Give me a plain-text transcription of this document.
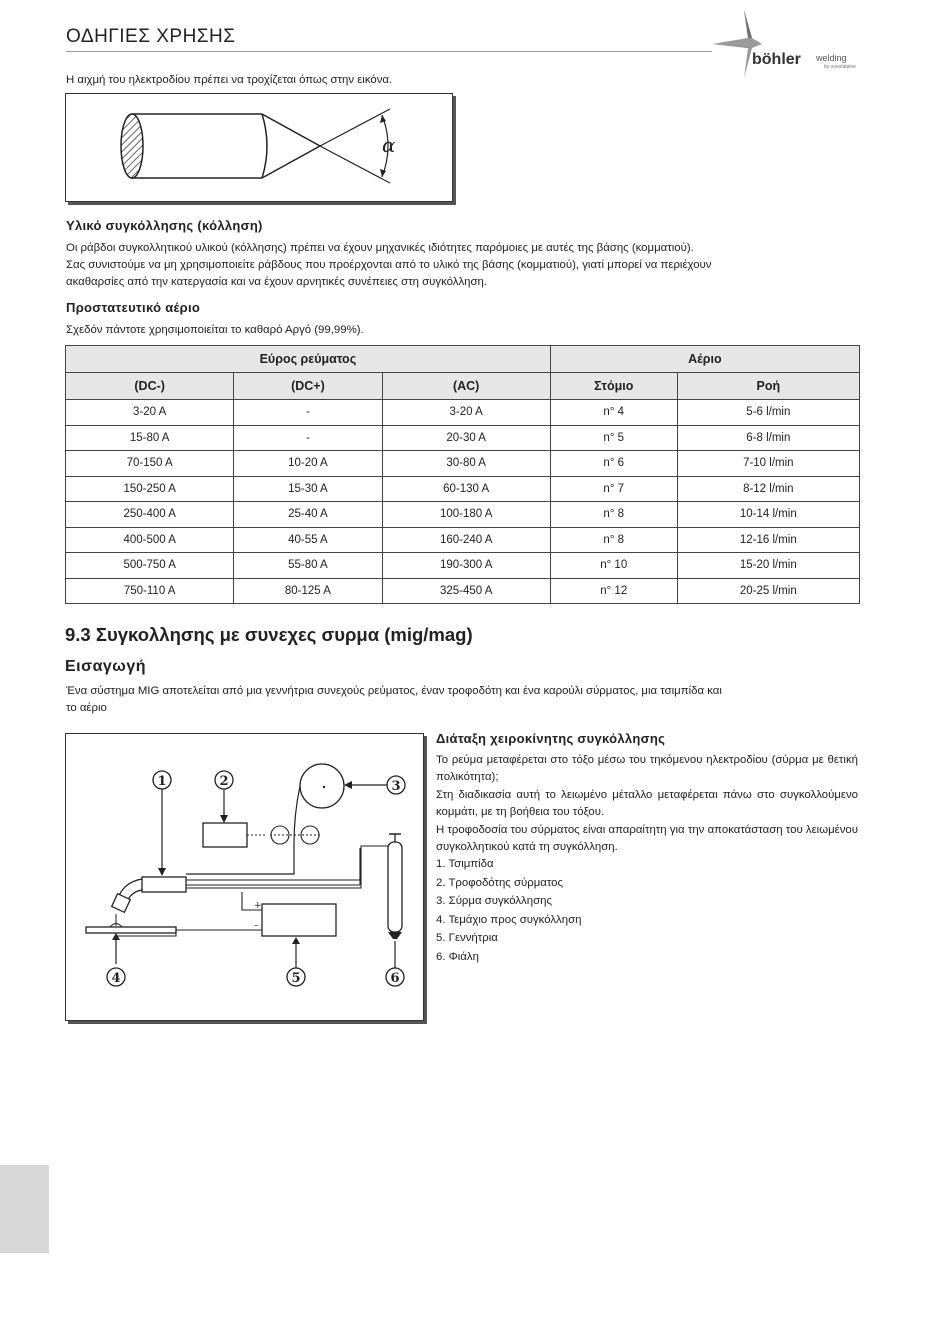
ΟΔΗΓΙΕΣ ΧΡΗΣΗΣ
böhler welding
by voestalpine
Η αιχμή του ηλεκτροδίου πρέπει να τροχίζεται όπως στην εικόνα.
α
Υλικό συγκόλλησης (κόλληση)
Οι ράβδοι συγκολλητικού υλικού (κόλλησης) πρέπει να έχουν μηχανικές ιδιότητες παρόμοιες με αυτές της βάσης (κομματιού).
Σας συνιστούμε να μη χρησιμοποιείτε ράβδους που προέρχονται από το υλικό της βάσης (κομματιού), γιατί μπορεί να περιέχουν
ακαθαρσίες από την κατεργασία και να έχουν αρνητικές συνέπειες στη συγκόλληση.
Προστατευτικό αέριο
Σχεδόν πάντοτε χρησιμοποιείται το καθαρό Αργό (99,99%).
Εύρος ρεύματος			Αέριο	
(DC-)	(DC+)	(AC)	Στόμιο	Ροή
3-20 A	-	3-20 A	n° 4	5-6 l/min
15-80 A	-	20-30 A	n° 5	6-8 l/min
70-150 A	10-20 A	30-80 A	n° 6	7-10 l/min
150-250 A	15-30 A	60-130 A	n° 7	8-12 l/min
250-400 A	25-40 A	100-180 A	n° 8	10-14 l/min
400-500 A	40-55 A	160-240 A	n° 8	12-16 l/min
500-750 A	55-80 A	190-300 A	n° 10	15-20 l/min
750-110 A	80-125 A	325-450 A	n° 12	20-25 l/min
9.3 Συγκολλησης με συνεχες συρμα (mig/mag)
Εισαγωγή
Ένα σύστημα MIG αποτελείται από μια γεννήτρια συνεχούς ρεύματος, έναν τροφοδότη και ένα καρούλι σύρματος, μια τσιμπίδα και
το αέριο
1	2	3
+
–
4	5	6
Διάταξη χειροκίνητης συγκόλλησης
Το ρεύμα μεταφέρεται στο τόξο μέσω του τηκόμενου ηλεκτροδίου (σύρμα με θετική πολικότητα);
Στη διαδικασία αυτή το λειωμένο μέταλλο μεταφέρεται πάνω στο συγκολλούμενο κομμάτι, με τη βοήθεια του τόξου.
Η τροφοδοσία του σύρματος είναι απαραίτητη για την αποκατάσταση του λειωμένου συγκολλητικού κατά τη συγκόλληση.
1. Τσιμπίδα
2. Τροφοδότης σύρματος
3. Σύρμα συγκόλλησης
4. Τεμάχιο προς συγκόλληση
5. Γεννήτρια
6. Φιάλη
